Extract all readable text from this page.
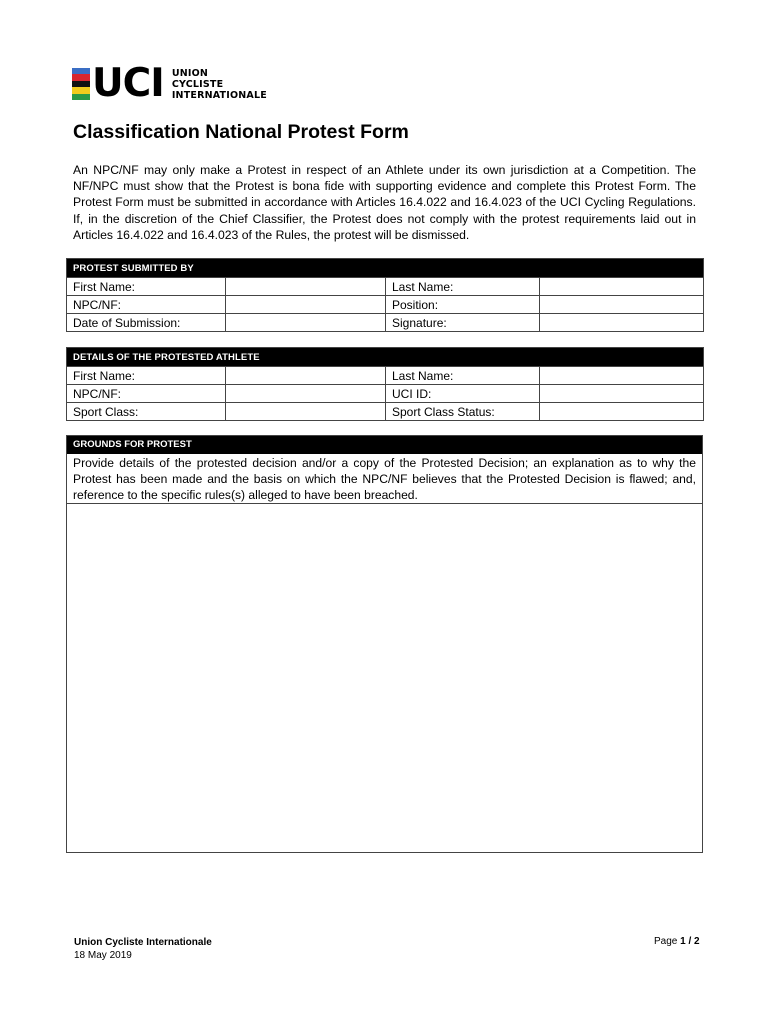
UCI UNION
CYCLISTE
INTERNATIONALE
Classification National Protest Form
An NPC/NF may only make a Protest in respect of an Athlete under its own jurisdiction at a Competition. The NF/NPC must show that the Protest is bona fide with supporting evidence and complete this Protest Form. The Protest Form must be submitted in accordance with Articles 16.4.022 and 16.4.023 of the UCI Cycling Regulations. If, in the discretion of the Chief Classifier, the Protest does not comply with the protest requirements laid out in Articles 16.4.022 and 16.4.023 of the Rules, the protest will be dismissed.
PROTEST SUBMITTED BY			
First Name:		Last Name:	
NPC/NF:		Position:	
Date of Submission:		Signature:	
DETAILS OF THE PROTESTED ATHLETE			
First Name:		Last Name:	
NPC/NF:		UCI ID:	
Sport Class:		Sport Class Status:	
GROUNDS FOR PROTEST
Provide details of the protested decision and/or a copy of the Protested Decision; an explanation as to why the Protest has been made and the basis on which the NPC/NF believes that the Protested Decision is flawed; and, reference to the specific rules(s) alleged to have been breached.
Union Cycliste Internationale
18 May 2019
Page 1 / 2
